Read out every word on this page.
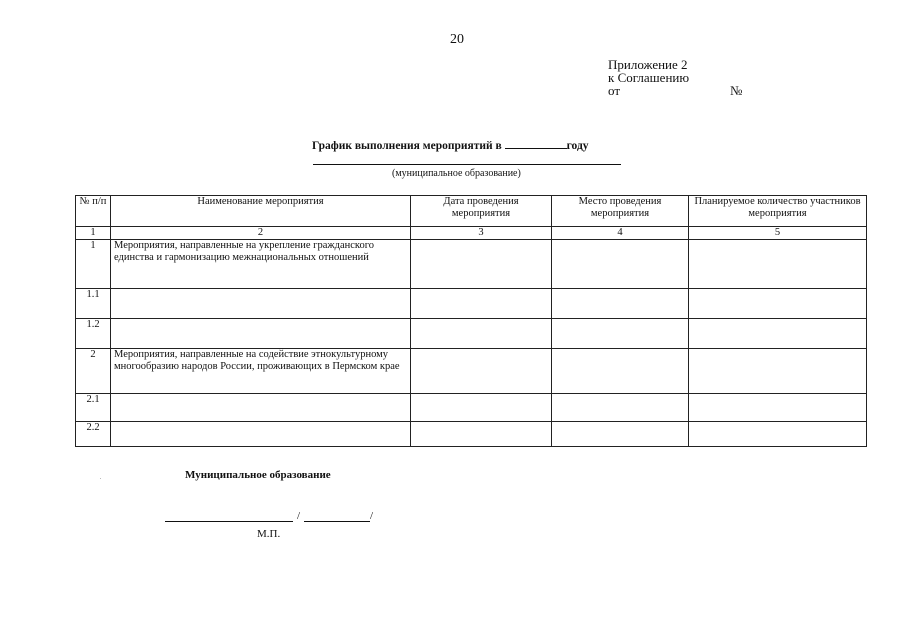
20
Приложение 2
к Соглашению
от	№
График выполнения мероприятий в	году
(муниципальное образование)
№ п/п	Наименование мероприятия	Дата проведения мероприятия	Место проведения мероприятия	Планируемое количество участников мероприятия
1	2	3	4	5
1	Мероприятия, направленные на укрепление гражданского единства и гармонизацию межнациональных отношений			
1.1				
1.2				
2	Мероприятия, направленные на содействие этнокультурному многообразию народов России, проживающих в Пермском крае			
2.1				
2.2				
Муниципальное образование
/	/
М.П.
